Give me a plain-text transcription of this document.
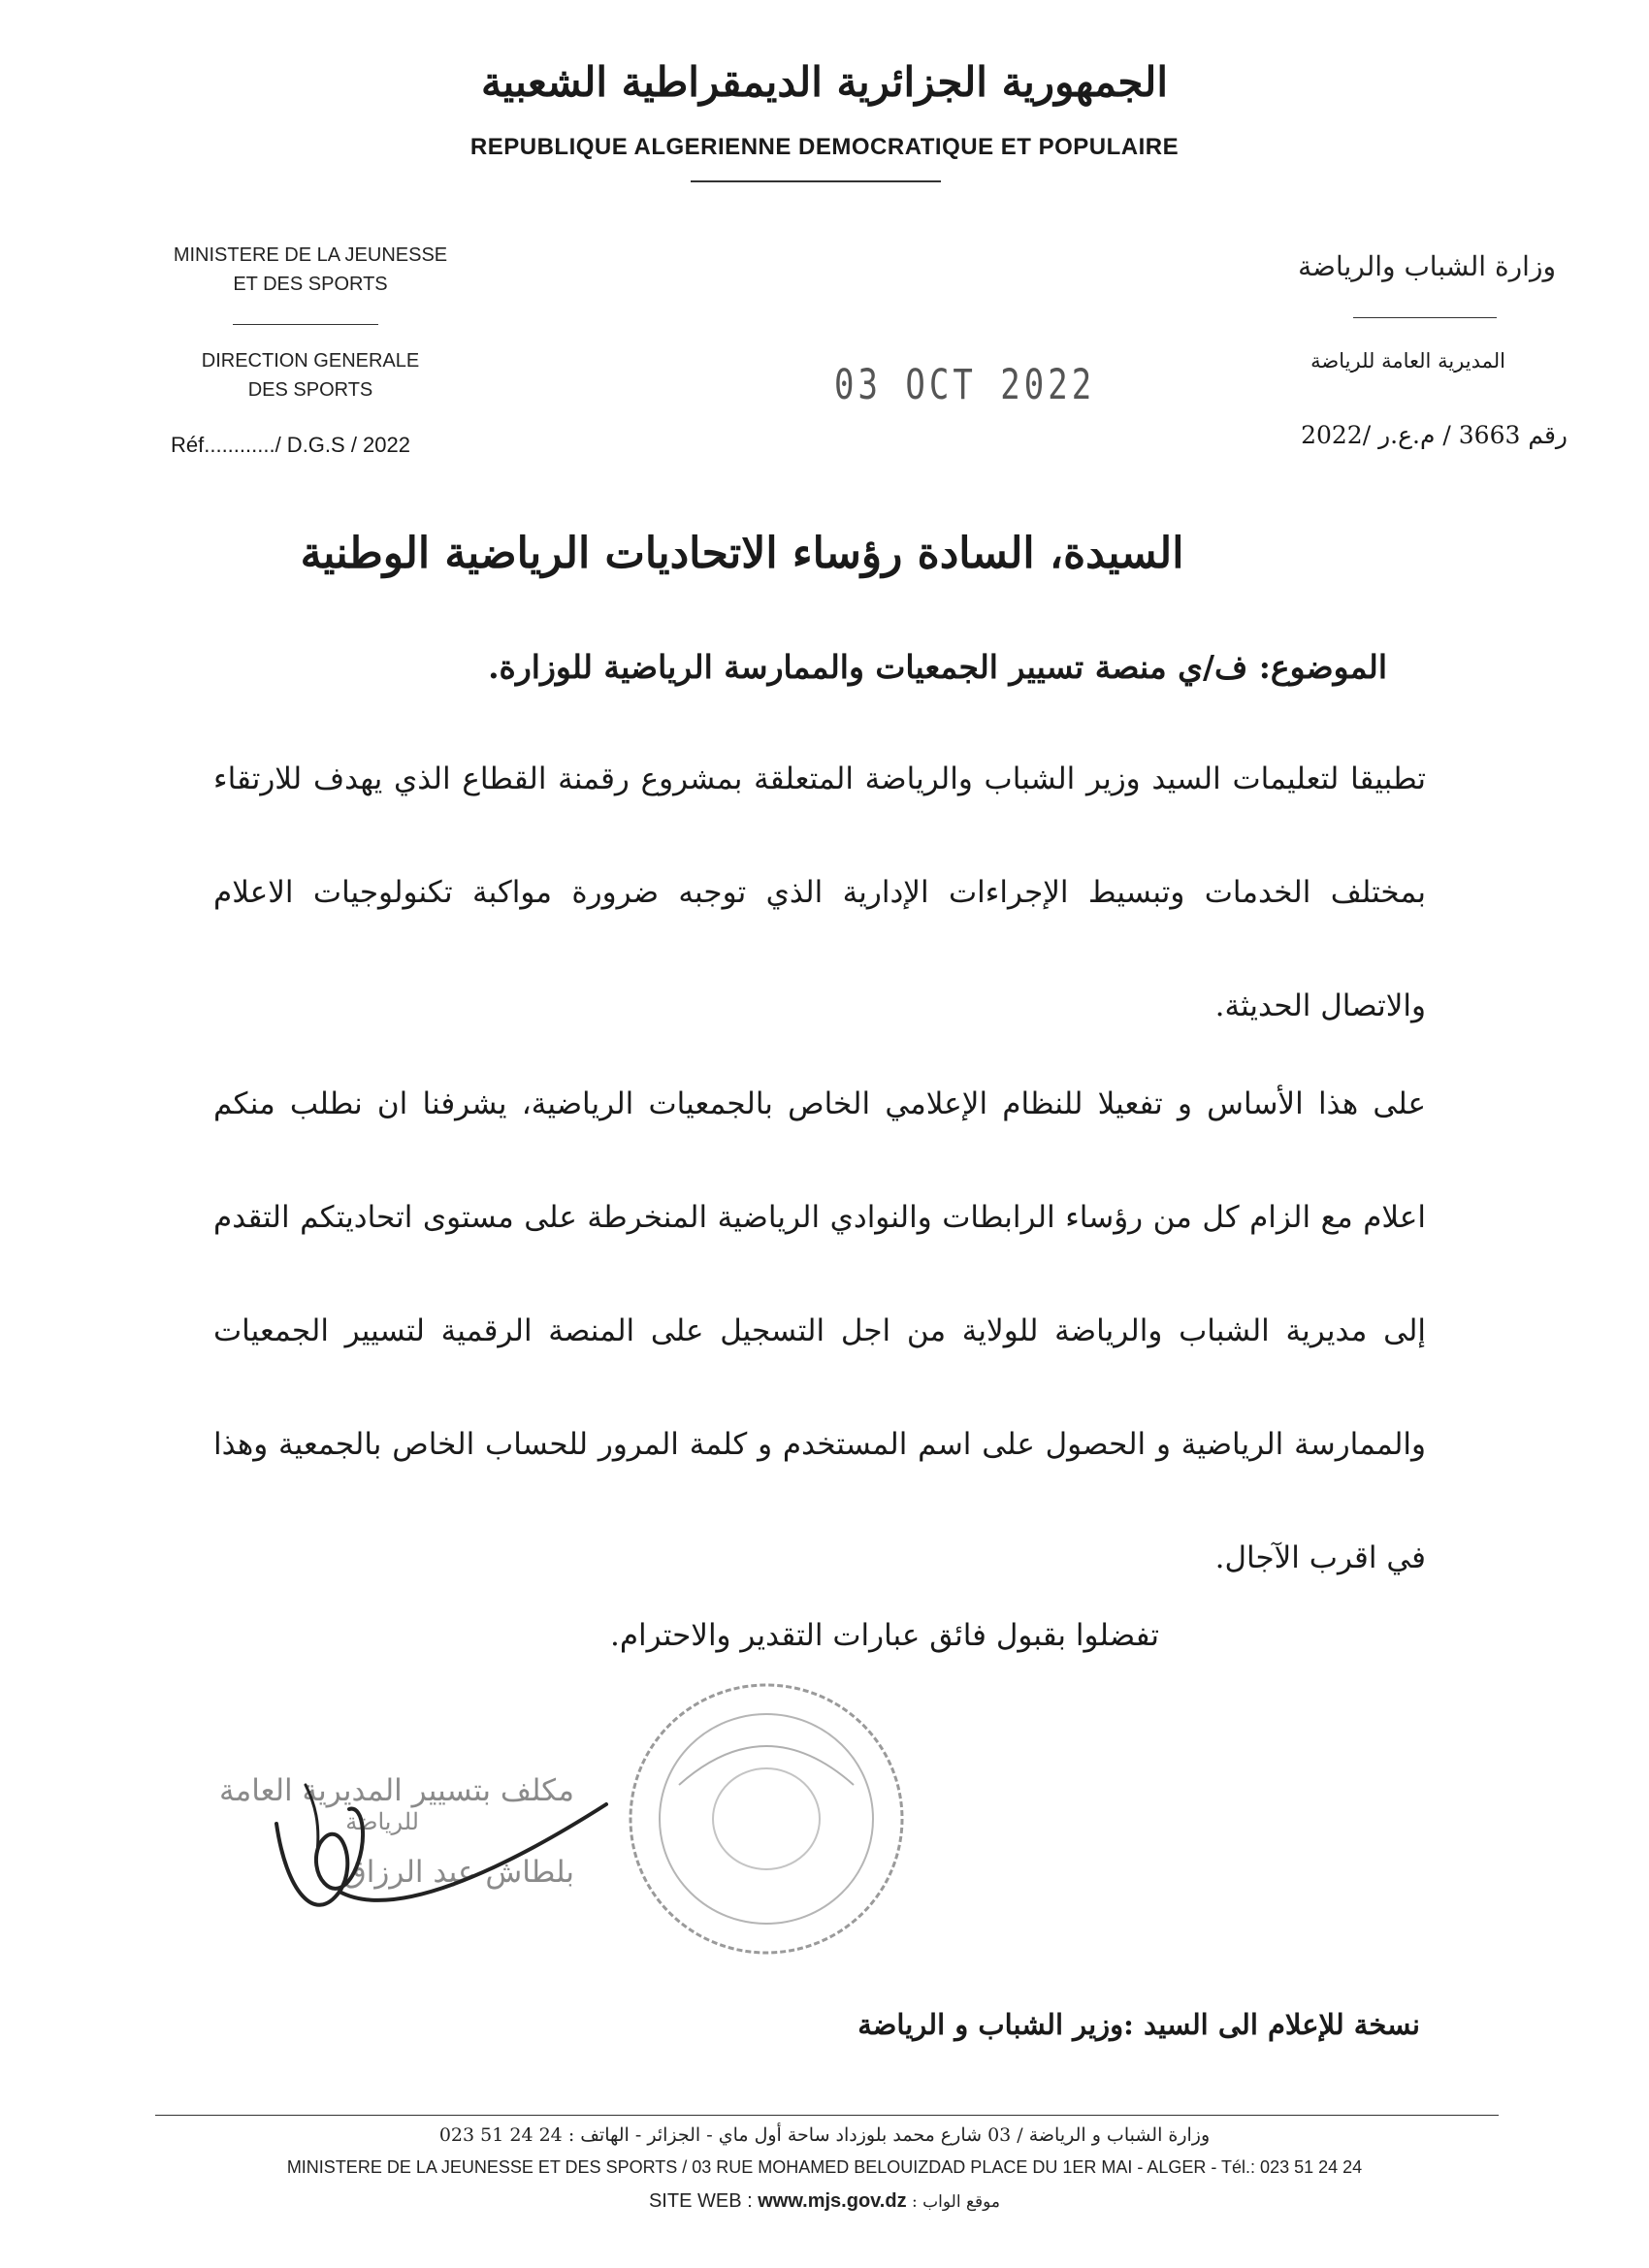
الجمهورية الجزائرية الديمقراطية الشعبية
REPUBLIQUE ALGERIENNE DEMOCRATIQUE ET POPULAIRE
MINISTERE DE LA JEUNESSE
ET DES SPORTS
DIRECTION GENERALE
DES SPORTS
Réf............/ D.G.S / 2022
وزارة الشباب والرياضة
المديرية العامة للرياضة
رقم 3663 / م.ع.ر /2022
03 OCT 2022
السيدة، السادة رؤساء الاتحاديات الرياضية الوطنية
الموضوع: ف/ي منصة تسيير الجمعيات والممارسة الرياضية للوزارة.
تطبيقا لتعليمات السيد وزير الشباب والرياضة المتعلقة بمشروع رقمنة القطاع الذي يهدف للارتقاء بمختلف الخدمات وتبسيط الإجراءات الإدارية الذي توجبه ضرورة مواكبة تكنولوجيات الاعلام والاتصال الحديثة.
على هذا الأساس و تفعيلا للنظام الإعلامي الخاص بالجمعيات الرياضية، يشرفنا ان نطلب منكم اعلام مع الزام كل من رؤساء الرابطات والنوادي الرياضية المنخرطة على مستوى اتحاديتكم التقدم إلى مديرية الشباب والرياضة للولاية من اجل التسجيل على المنصة الرقمية لتسيير الجمعيات والممارسة الرياضية و الحصول على اسم المستخدم و كلمة المرور للحساب الخاص بالجمعية وهذا في اقرب الآجال.
تفضلوا بقبول فائق عبارات التقدير والاحترام.
مكلف بتسيير المديرية العامة
للرياضة
بلطاش عبد الرزاق
نسخة للإعلام الى السيد :وزير الشباب و الرياضة
وزارة الشباب و الرياضة / 03 شارع محمد بلوزداد ساحة أول ماي - الجزائر - الهاتف : 24 24 51 023
MINISTERE DE LA JEUNESSE ET DES SPORTS / 03 RUE MOHAMED BELOUIZDAD PLACE DU 1ER MAI - ALGER - Tél.: 023 51 24 24
SITE WEB : www.mjs.gov.dz : موقع الواب
